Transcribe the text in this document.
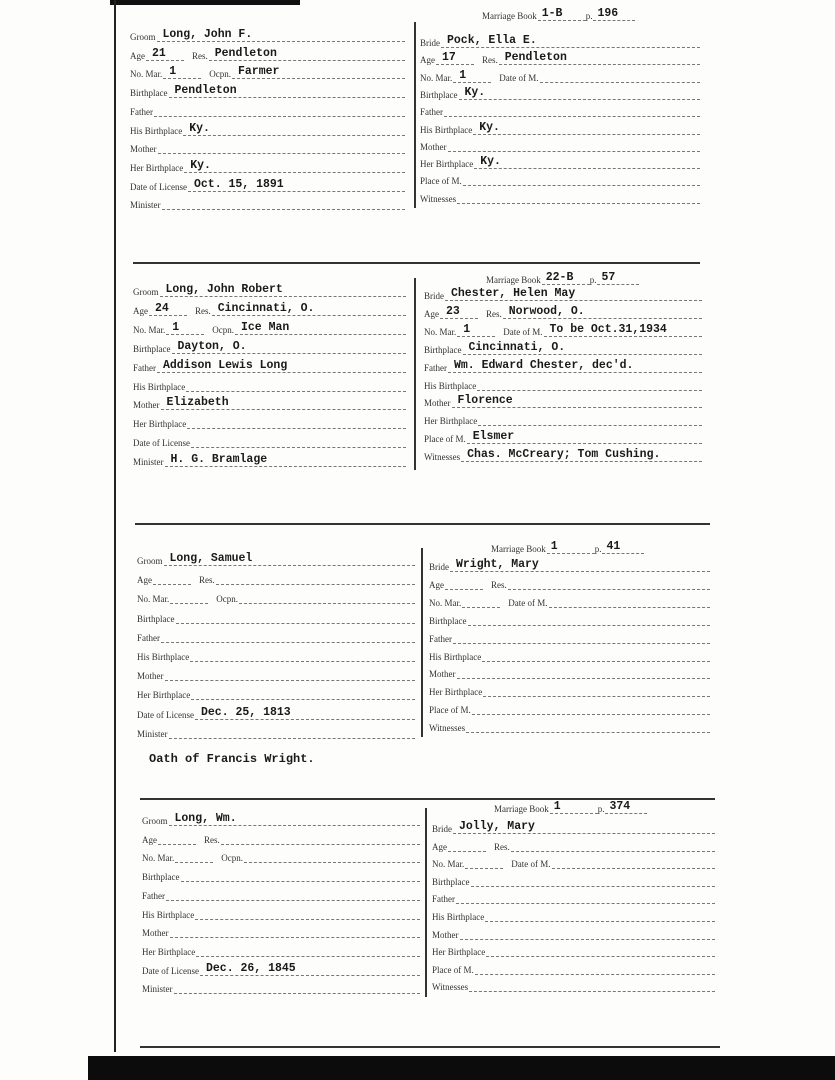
Marriage Book 1-B	p. 196
Groom Long, John F.
Age 21	Res. Pendleton
No. Mar. 1	Ocpn. Farmer
Birthplace Pendleton
Father
His Birthplace Ky.
Mother
Her Birthplace Ky.
Date of License Oct. 15, 1891
Minister
Bride Pock, Ella E.
Age 17	Res. Pendleton
No. Mar. 1	Date of M.
Birthplace Ky.
Father
His Birthplace Ky.
Mother
Her Birthplace Ky.
Place of M.
Witnesses
Marriage Book 22-B	p. 57
Groom Long, John Robert
Age 24	Res. Cincinnati, O.
No. Mar. 1	Ocpn. Ice Man
Birthplace Dayton, O.
Father Addison Lewis Long
His Birthplace
Mother Elizabeth
Her Birthplace
Date of License
Minister H. G. Bramlage
Bride Chester, Helen May
Age 23	Res. Norwood, O.
No. Mar. 1	Date of M. To be Oct.31,1934
Birthplace Cincinnati, O.
Father Wm. Edward Chester, dec'd.
His Birthplace
Mother Florence
Her Birthplace
Place of M. Elsmer
Witnesses Chas. McCreary; Tom Cushing.
Marriage Book 1	p. 41
Groom Long, Samuel
Age	Res.
No. Mar.	Ocpn.
Birthplace
Father
His Birthplace
Mother
Her Birthplace
Date of License Dec. 25, 1813
Minister
Bride Wright, Mary
Age	Res.
No. Mar.	Date of M.
Birthplace
Father
His Birthplace
Mother
Her Birthplace
Place of M.
Witnesses
Oath of Francis Wright.
Marriage Book 1	p. 374
Groom Long, Wm.
Age	Res.
No. Mar.	Ocpn.
Birthplace
Father
His Birthplace
Mother
Her Birthplace
Date of License Dec. 26, 1845
Minister
Bride Jolly, Mary
Age	Res.
No. Mar.	Date of M.
Birthplace
Father
His Birthplace
Mother
Her Birthplace
Place of M.
Witnesses
